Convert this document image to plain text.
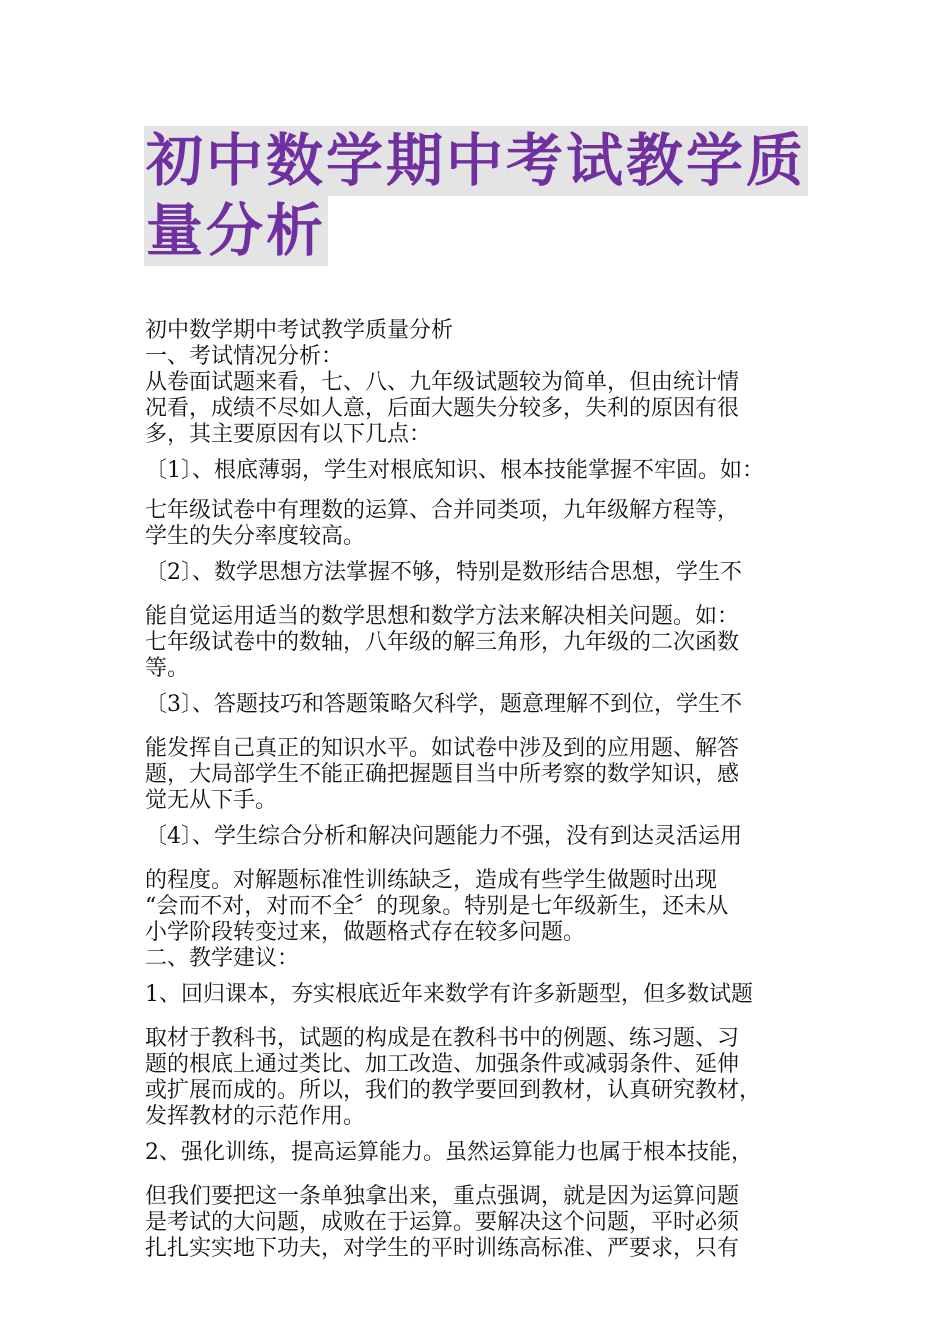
初中数学期中考试教学质
量分析
初中数学期中考试教学质量分析
一、考试情况分析：
从卷面试题来看，七、八、九年级试题较为简单，但由统计情
况看，成绩不尽如人意，后面大题失分较多，失利的原因有很
多，其主要原因有以下几点：
〔1〕、根底薄弱，学生对根底知识、根本技能掌握不牢固。如：
七年级试卷中有理数的运算、合并同类项，九年级解方程等，
学生的失分率度较高。
〔2〕、数学思想方法掌握不够，特别是数形结合思想，学生不
能自觉运用适当的数学思想和数学方法来解决相关问题。如：
七年级试卷中的数轴，八年级的解三角形，九年级的二次函数
等。
〔3〕、答题技巧和答题策略欠科学，题意理解不到位，学生不
能发挥自己真正的知识水平。如试卷中涉及到的应用题、解答
题，大局部学生不能正确把握题目当中所考察的数学知识，感
觉无从下手。
〔4〕、学生综合分析和解决问题能力不强，没有到达灵活运用
的程度。对解题标准性训练缺乏，造成有些学生做题时出现
“会而不对，对而不全〞的现象。特别是七年级新生，还未从
小学阶段转变过来，做题格式存在较多问题。
二、教学建议：
1、回归课本，夯实根底近年来数学有许多新题型，但多数试题
取材于教科书，试题的构成是在教科书中的例题、练习题、习
题的根底上通过类比、加工改造、加强条件或减弱条件、延伸
或扩展而成的。所以，我们的教学要回到教材，认真研究教材，
发挥教材的示范作用。
2、强化训练，提高运算能力。虽然运算能力也属于根本技能，
但我们要把这一条单独拿出来，重点强调，就是因为运算问题
是考试的大问题，成败在于运算。要解决这个问题，平时必须
扎扎实实地下功夫，对学生的平时训练高标准、严要求，只有
